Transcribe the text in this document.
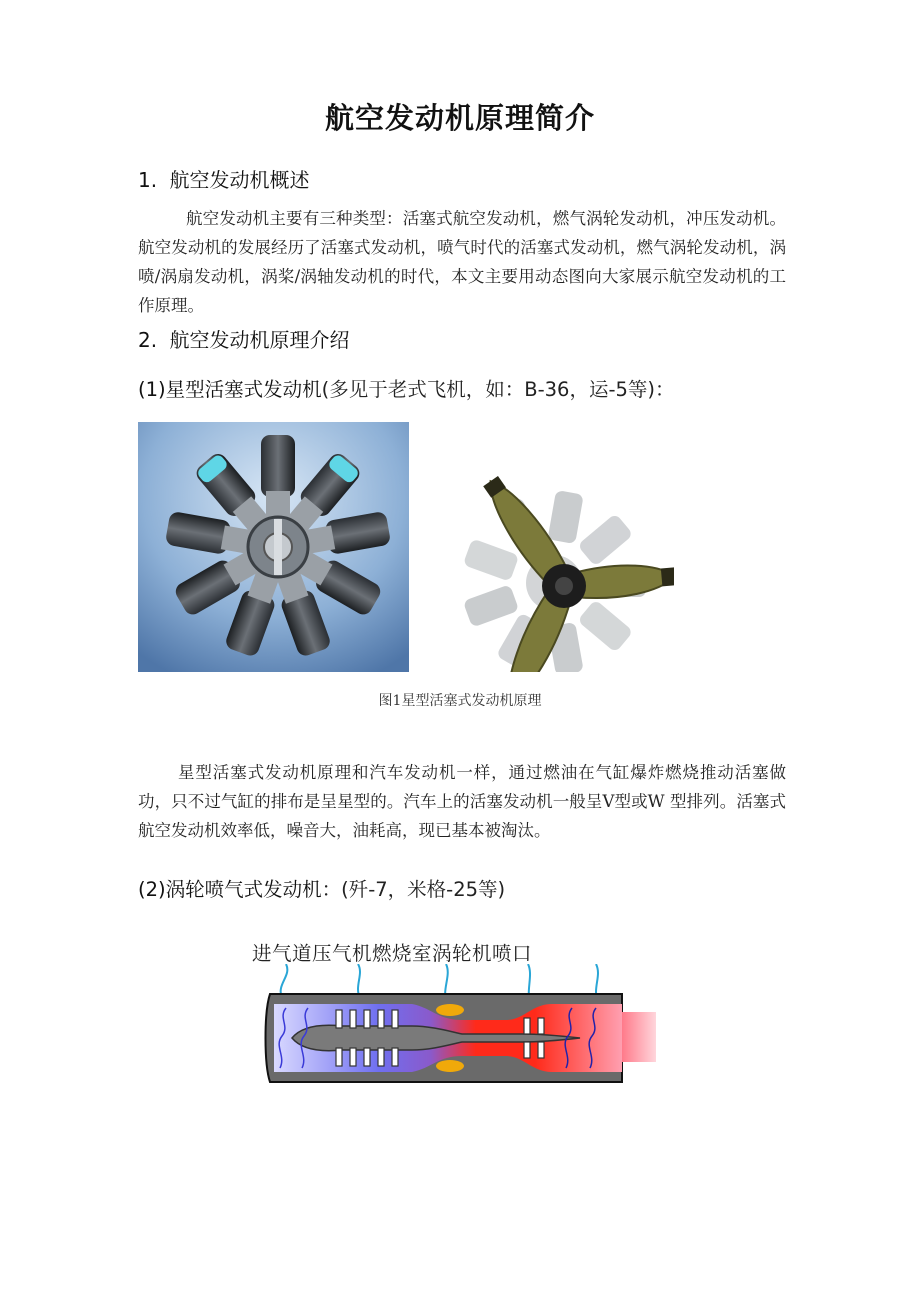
航空发动机原理简介
1. 航空发动机概述
航空发动机主要有三种类型：活塞式航空发动机，燃气涡轮发动机，冲压发动机。航空发动机的发展经历了活塞式发动机，喷气时代的活塞式发动机，燃气涡轮发动机，涡喷/涡扇发动机，涡桨/涡轴发动机的时代，本文主要用动态图向大家展示航空发动机的工作原理。
2. 航空发动机原理介绍
(1)星型活塞式发动机(多见于老式飞机，如：B-36，运-5等)：
图1星型活塞式发动机原理
星型活塞式发动机原理和汽车发动机一样，通过燃油在气缸爆炸燃烧推动活塞做功，只不过气缸的排布是呈星型的。汽车上的活塞发动机一般呈V型或W 型排列。活塞式航空发动机效率低，噪音大，油耗高，现已基本被淘汰。
(2)涡轮喷气式发动机：(歼-7，米格-25等)
进气道压气机燃烧室涡轮机喷口
